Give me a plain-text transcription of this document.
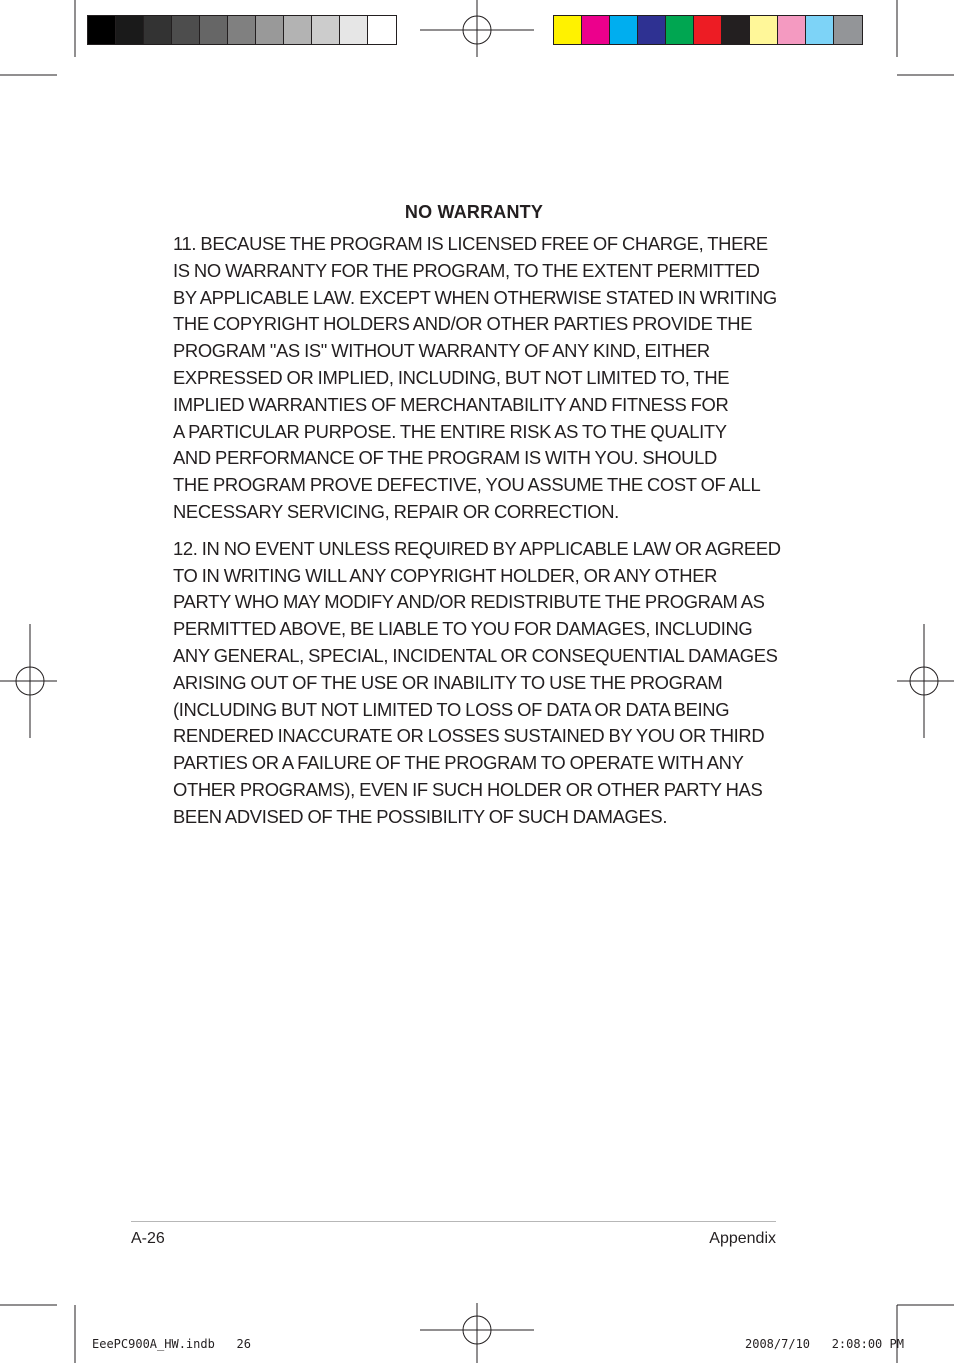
NO WARRANTY

11. BECAUSE THE PROGRAM IS LICENSED FREE OF CHARGE, THERE
IS NO WARRANTY FOR THE PROGRAM, TO THE EXTENT PERMITTED
BY APPLICABLE LAW. EXCEPT WHEN OTHERWISE STATED IN WRITING
THE COPYRIGHT HOLDERS AND/OR OTHER PARTIES PROVIDE THE
PROGRAM "AS IS" WITHOUT WARRANTY OF ANY KIND, EITHER
EXPRESSED OR IMPLIED, INCLUDING, BUT NOT LIMITED TO, THE
IMPLIED WARRANTIES OF MERCHANTABILITY AND FITNESS FOR
A PARTICULAR PURPOSE. THE ENTIRE RISK AS TO THE QUALITY
AND PERFORMANCE OF THE PROGRAM IS WITH YOU. SHOULD
THE PROGRAM PROVE DEFECTIVE, YOU ASSUME THE COST OF ALL
NECESSARY SERVICING, REPAIR OR CORRECTION.

12. IN NO EVENT UNLESS REQUIRED BY APPLICABLE LAW OR AGREED
TO IN WRITING WILL ANY COPYRIGHT HOLDER, OR ANY OTHER
PARTY WHO MAY MODIFY AND/OR REDISTRIBUTE THE PROGRAM AS
PERMITTED ABOVE, BE LIABLE TO YOU FOR DAMAGES, INCLUDING
ANY GENERAL, SPECIAL, INCIDENTAL OR CONSEQUENTIAL DAMAGES
ARISING OUT OF THE USE OR INABILITY TO USE THE PROGRAM
(INCLUDING BUT NOT LIMITED TO LOSS OF DATA OR DATA BEING
RENDERED INACCURATE OR LOSSES SUSTAINED BY YOU OR THIRD
PARTIES OR A FAILURE OF THE PROGRAM TO OPERATE WITH ANY
OTHER PROGRAMS), EVEN IF SUCH HOLDER OR OTHER PARTY HAS
BEEN ADVISED OF THE POSSIBILITY OF SUCH DAMAGES.

A-26	Appendix
EeePC900A_HW.indb   26	2008/7/10   2:08:00 PM
